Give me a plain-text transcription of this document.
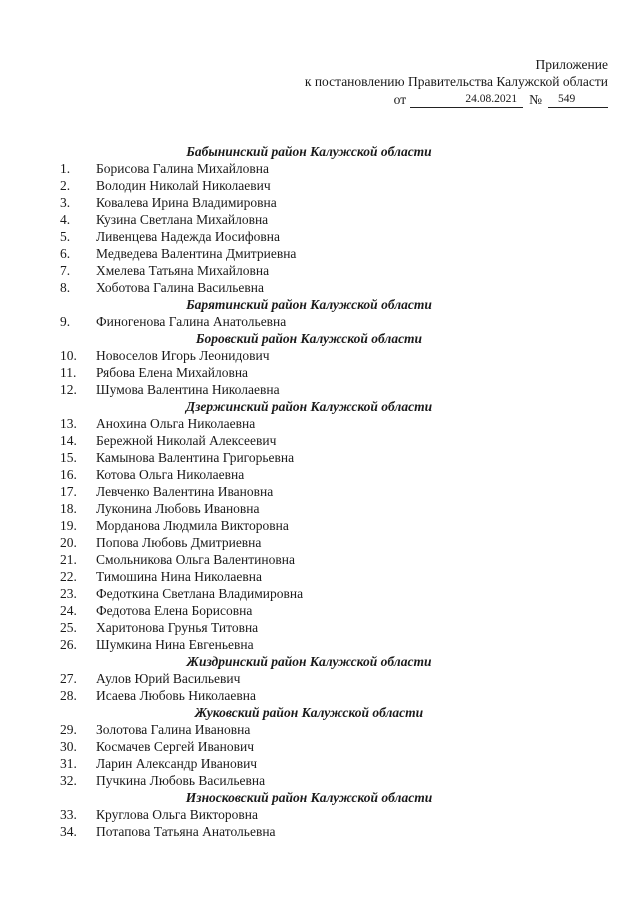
Приложение
к постановлению Правительства Калужской области
от	24.08.2021 № 549
Бабынинский район Калужской области
1.	Борисова Галина Михайловна
2.	Володин Николай Николаевич
3.	Ковалева Ирина Владимировна
4.	Кузина Светлана Михайловна
5.	Ливенцева Надежда Иосифовна
6.	Медведева Валентина Дмитриевна
7.	Хмелева Татьяна Михайловна
8.	Хоботова Галина Васильевна
Барятинский район Калужской области
9.	Финогенова Галина Анатольевна
Боровский район Калужской области
10.	Новоселов Игорь Леонидович
11.	Рябова Елена Михайловна
12.	Шумова Валентина Николаевна
Дзержинский район Калужской области
13.	Анохина Ольга Николаевна
14.	Бережной Николай Алексеевич
15.	Камынова Валентина Григорьевна
16.	Котова Ольга Николаевна
17.	Левченко Валентина Ивановна
18.	Луконина Любовь Ивановна
19.	Морданова Людмила Викторовна
20.	Попова Любовь Дмитриевна
21.	Смольникова Ольга Валентиновна
22.	Тимошина Нина Николаевна
23.	Федоткина Светлана Владимировна
24.	Федотова Елена Борисовна
25.	Харитонова Грунья Титовна
26.	Шумкина Нина Евгеньевна
Жиздринский район Калужской области
27.	Аулов Юрий Васильевич
28.	Исаева Любовь Николаевна
Жуковский район Калужской области
29.	Золотова Галина Ивановна
30.	Космачев Сергей Иванович
31.	Ларин Александр Иванович
32.	Пучкина Любовь Васильевна
Износковский район Калужской области
33.	Круглова Ольга Викторовна
34.	Потапова Татьяна Анатольевна
